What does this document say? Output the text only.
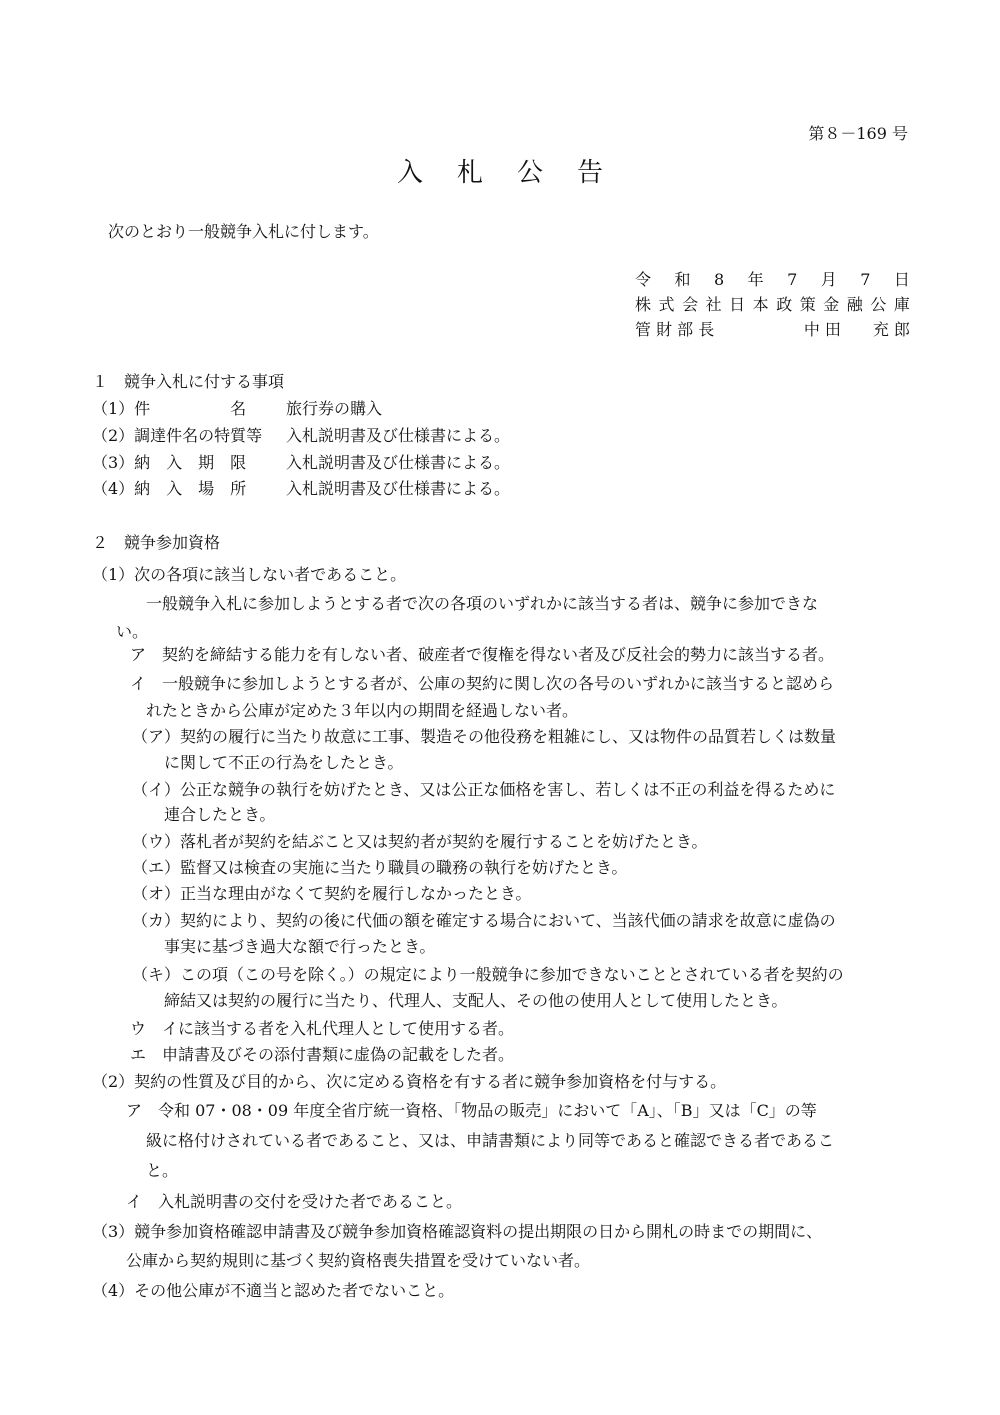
第８－169 号
入 札 公 告
次のとおり一般競争入札に付します。
令 和 8 年 7 月 7 日
株 式 会 社 日 本 政 策 金 融 公 庫
管 財 部 長	中 田　　充 郎
１　競争入札に付する事項
（1）件　　　　　名 旅行券の購入
（2）調達件名の特質等 入札説明書及び仕様書による。
（3）納　入　期　限 入札説明書及び仕様書による。
（4）納　入　場　所 入札説明書及び仕様書による。
２　競争参加資格
（1）次の各項に該当しない者であること。
一般競争入札に参加しようとする者で次の各項のいずれかに該当する者は、競争に参加できな
い。
ア　契約を締結する能力を有しない者、破産者で復権を得ない者及び反社会的勢力に該当する者。
イ　一般競争に参加しようとする者が、公庫の契約に関し次の各号のいずれかに該当すると認めら
れたときから公庫が定めた３年以内の期間を経過しない者。
（ア）契約の履行に当たり故意に工事、製造その他役務を粗雑にし、又は物件の品質若しくは数量
に関して不正の行為をしたとき。
（イ）公正な競争の執行を妨げたとき、又は公正な価格を害し、若しくは不正の利益を得るために
連合したとき。
（ウ）落札者が契約を結ぶこと又は契約者が契約を履行することを妨げたとき。
（エ）監督又は検査の実施に当たり職員の職務の執行を妨げたとき。
（オ）正当な理由がなくて契約を履行しなかったとき。
（カ）契約により、契約の後に代価の額を確定する場合において、当該代価の請求を故意に虚偽の
事実に基づき過大な額で行ったとき。
（キ）この項（この号を除く。）の規定により一般競争に参加できないこととされている者を契約の
締結又は契約の履行に当たり、代理人、支配人、その他の使用人として使用したとき。
ウ　イに該当する者を入札代理人として使用する者。
エ　申請書及びその添付書類に虚偽の記載をした者。
（2）契約の性質及び目的から、次に定める資格を有する者に競争参加資格を付与する。
ア　令和 07・08・09 年度全省庁統一資格、「物品の販売」において「A」、「B」又は「C」の等
級に格付けされている者であること、又は、申請書類により同等であると確認できる者であるこ
と。
イ　入札説明書の交付を受けた者であること。
（3）競争参加資格確認申請書及び競争参加資格確認資料の提出期限の日から開札の時までの期間に、
公庫から契約規則に基づく契約資格喪失措置を受けていない者。
（4）その他公庫が不適当と認めた者でないこと。
